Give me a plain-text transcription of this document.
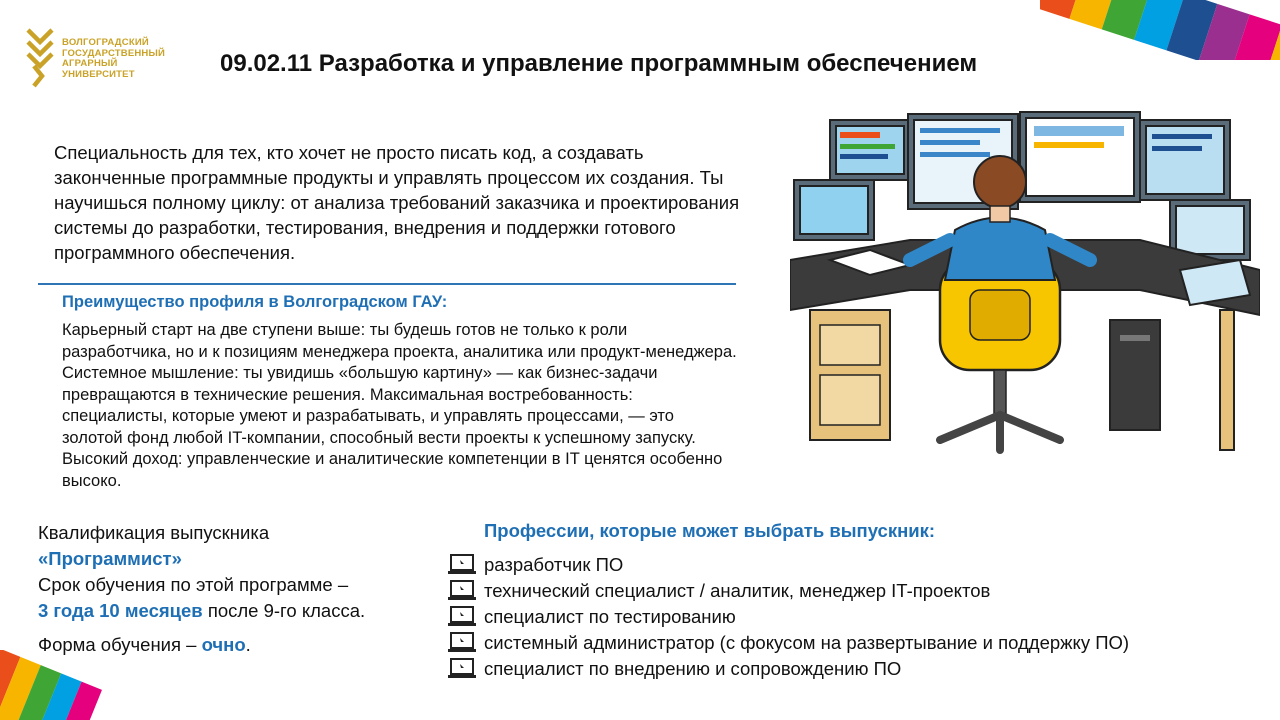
ВОЛГОГРАДСКИЙ
ГОСУДАРСТВЕННЫЙ
АГРАРНЫЙ
УНИВЕРСИТЕТ	09.02.11 Разработка и управление программным обеспечением
Специальность для тех, кто хочет не просто писать код, а создавать законченные программные продукты и управлять процессом их создания. Ты научишься полному циклу: от анализа требований заказчика и проектирования системы до разработки, тестирования, внедрения и поддержки готового программного обеспечения.
Преимущество профиля в Волгоградском ГАУ:
Карьерный старт на две ступени выше: ты будешь готов не только к роли разработчика, но и к позициям менеджера проекта, аналитика или продукт-менеджера. Системное мышление: ты увидишь «большую картину» — как бизнес-задачи превращаются в технические решения. Максимальная востребованность: специалисты, которые умеют и разрабатывать, и управлять процессами, — это золотой фонд любой IT-компании, способный вести проекты к успешному запуску. Высокий доход: управленческие и аналитические компетенции в IT ценятся особенно высоко.

Квалификация выпускника
«Программист»

Срок обучения по этой программе –
3 года 10 месяцев после 9-го класса.

Форма обучения – очно.

Профессии, которые может выбрать выпускник:
разработчик ПО
технический специалист / аналитик, менеджер IT-проектов
специалист по тестированию
системный администратор (с фокусом на развертывание и поддержку ПО)
специалист по внедрению и сопровождению ПО
